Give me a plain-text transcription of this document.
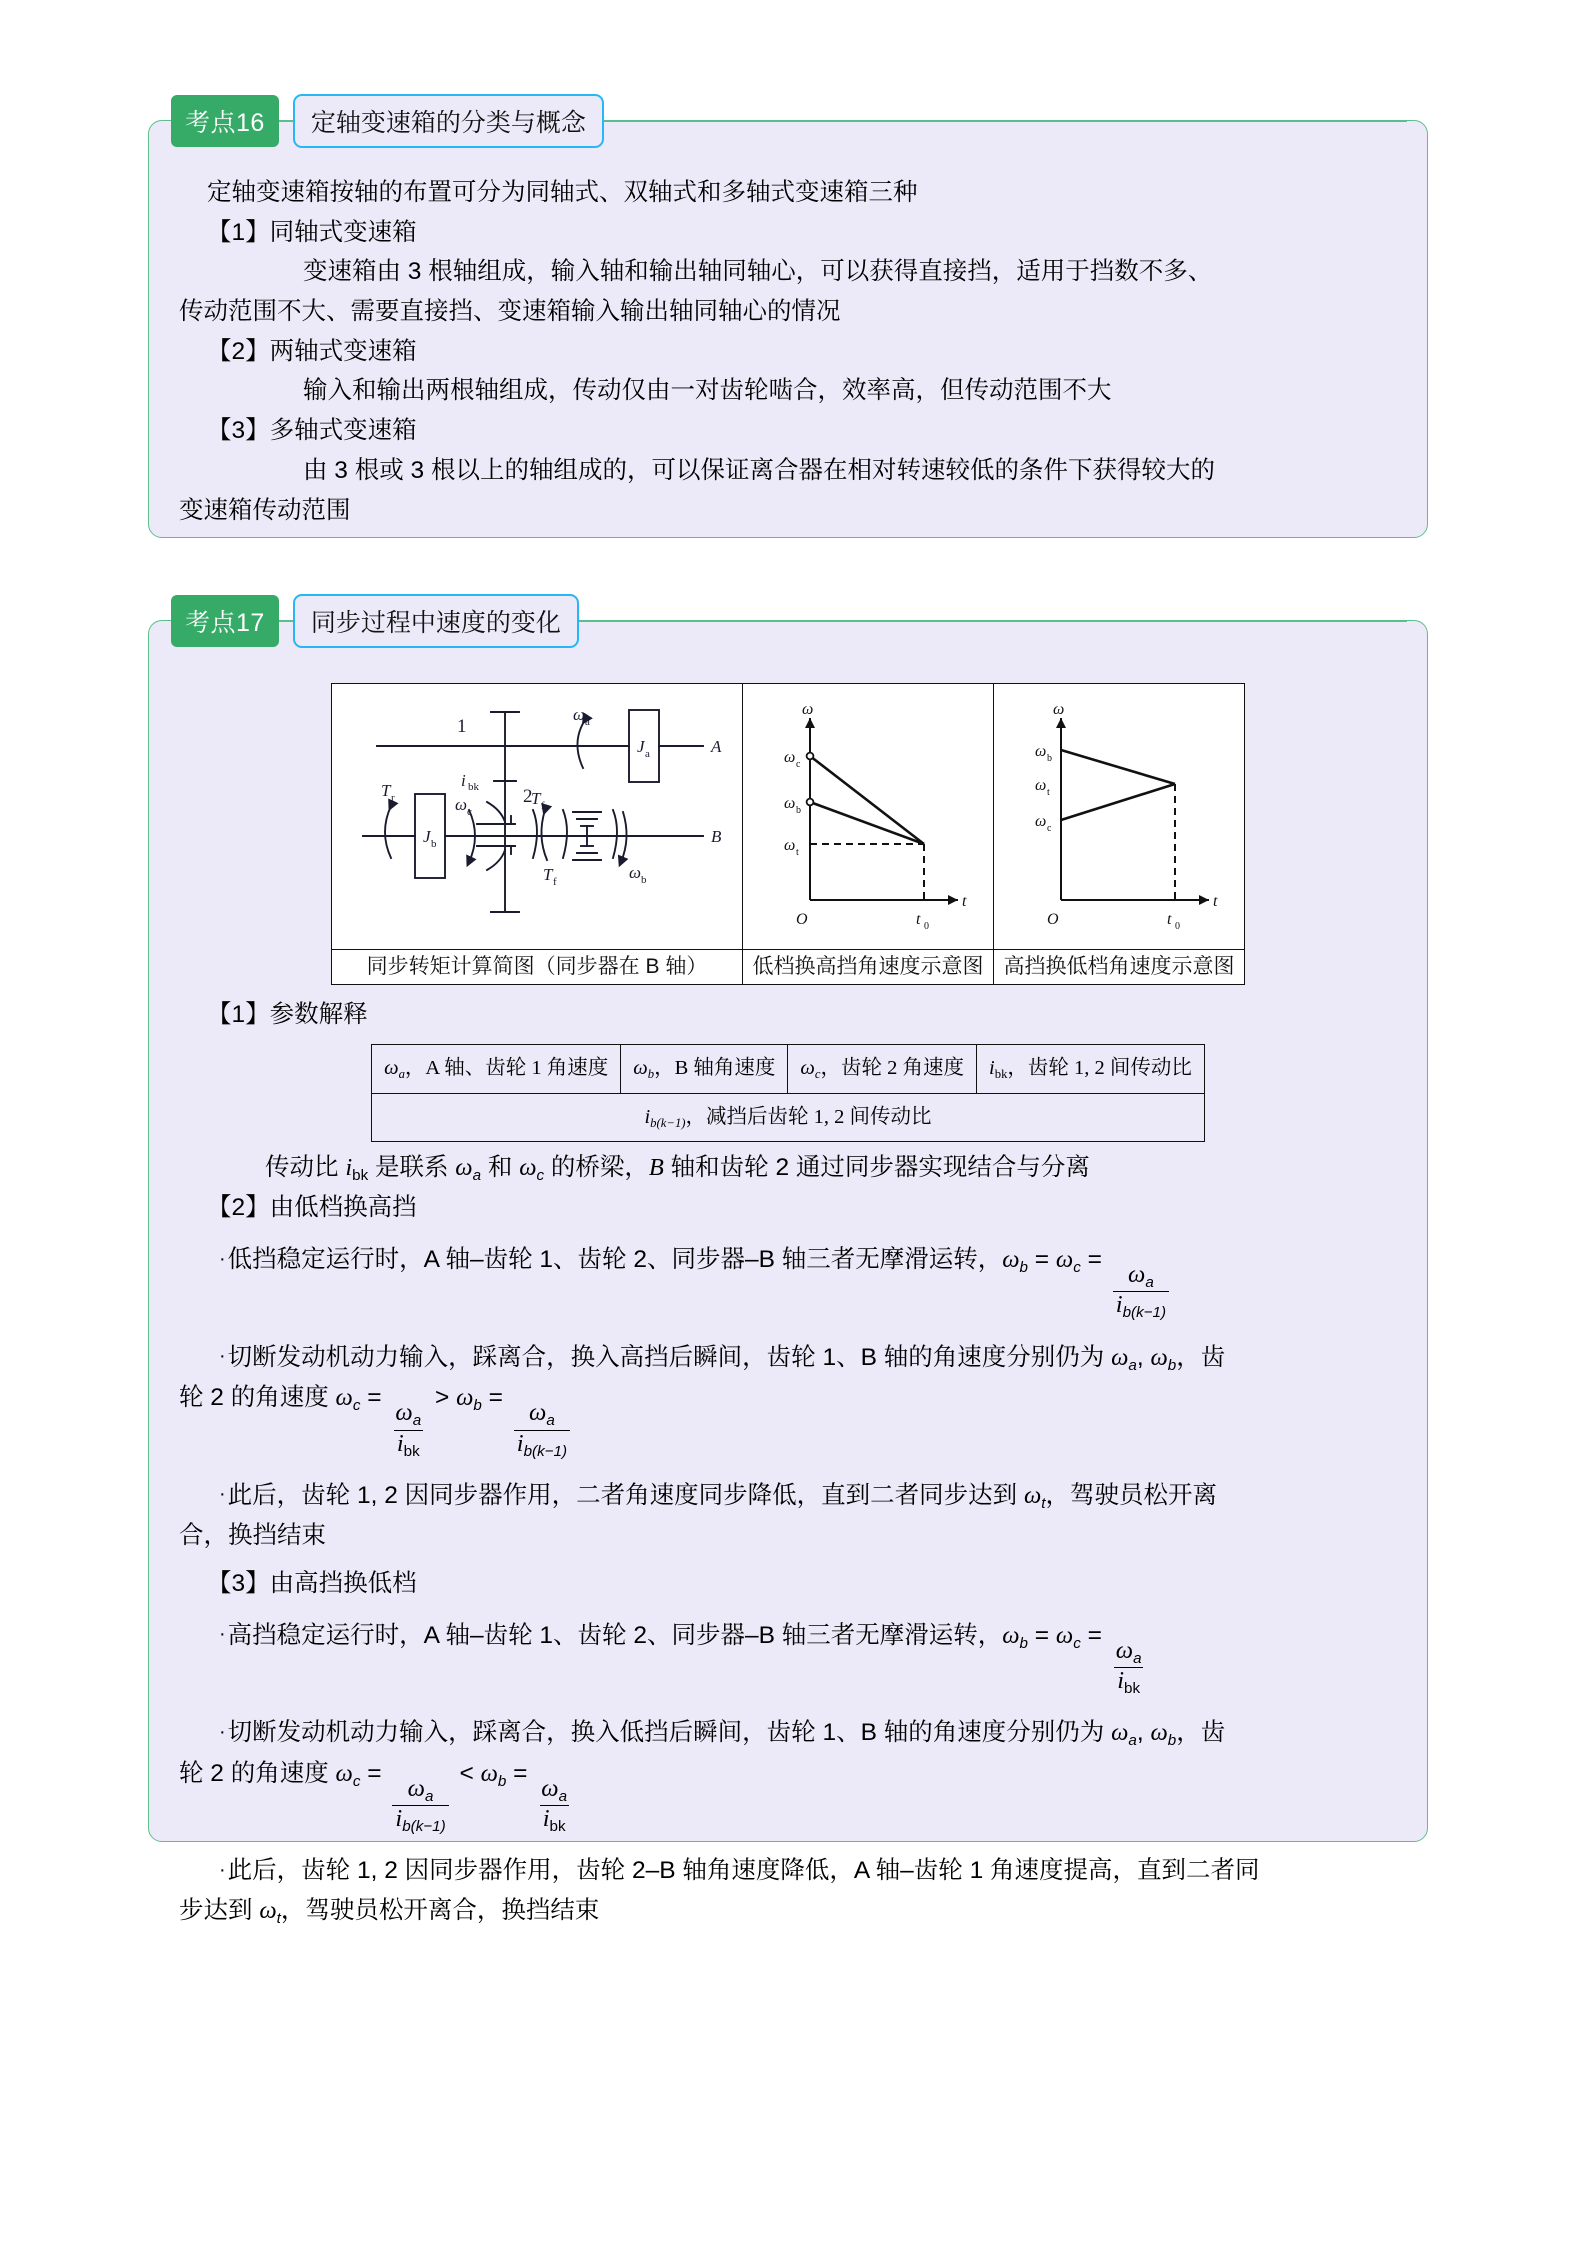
考点16 定轴变速箱的分类与概念

定轴变速箱按轴的布置可分为同轴式、双轴式和多轴式变速箱三种

【1】同轴式变速箱

变速箱由 3 根轴组成，输入轴和输出轴同轴心，可以获得直接挡，适用于挡数不多、

传动范围不大、需要直接挡、变速箱输入输出轴同轴心的情况

【2】两轴式变速箱

输入和输出两根轴组成，传动仅由一对齿轮啮合，效率高，但传动范围不大

【3】多轴式变速箱

由 3 根或 3 根以上的轴组成的，可以保证离合器在相对转速较低的条件下获得较大的

变速箱传动范围

考点17 同步过程中速度的变化
1
2
i bk
T r	T f
T f
ω a
ω b
ω c
J a
J b
A
B

ω
ω c
ω b
ω t
O	t 0
t

ω
ω b
ω t
ω c
O	t 0
t

同步转矩计算简图（同步器在 B 轴）	低档换高挡角速度示意图	高挡换低档角速度示意图

【1】参数解释

$\omega_a$，A 轴、齿轮 1 角速度	$\omega_b$，B 轴角速度	$\omega_c$，齿轮 2 角速度	ibk，齿轮 1, 2 间传动比
$i_{b(k-1)}$，减挡后齿轮 1, 2 间传动比

传动比 ibk 是联系 $\omega_a$ 和 $\omega_c$ 的桥梁，B 轴和齿轮 2 通过同步器实现结合与分离

【2】由低档换高挡

·低挡稳定运行时，A 轴–齿轮 1、齿轮 2、同步器–B 轴三者无摩滑运转，$\omega_b = \omega_c$ =
$\frac{\omega_a}{i_{b(k-1)}}$

·切断发动机动力输入，踩离合，换入高挡后瞬间，齿轮 1、B 轴的角速度分别仍为 $\omega_a$, $\omega_b$，齿
轮 2 的角速度 $\omega_c$ =
$\frac{\omega_a}{\text{ibk}}$
> $\omega_b$ =
$\frac{\omega_a}{i_{b(k-1)}}$

·此后，齿轮 1, 2 因同步器作用，二者角速度同步降低，直到二者同步达到 $\omega_t$，驾驶员松开离
合，换挡结束

【3】由高挡换低档

·高挡稳定运行时，A 轴–齿轮 1、齿轮 2、同步器–B 轴三者无摩滑运转，$\omega_b = \omega_c$ =
$\frac{\omega_a}{\text{ibk}}$

·切断发动机动力输入，踩离合，换入低挡后瞬间，齿轮 1、B 轴的角速度分别仍为 $\omega_a$, $\omega_b$，齿
轮 2 的角速度 $\omega_c$ =
$\frac{\omega_a}{i_{b(k-1)}}$
< $\omega_b$ =
$\frac{\omega_a}{\text{ibk}}$

·此后，齿轮 1, 2 因同步器作用，齿轮 2–B 轴角速度降低，A 轴–齿轮 1 角速度提高，直到二者同
步达到 $\omega_t$，驾驶员松开离合，换挡结束
